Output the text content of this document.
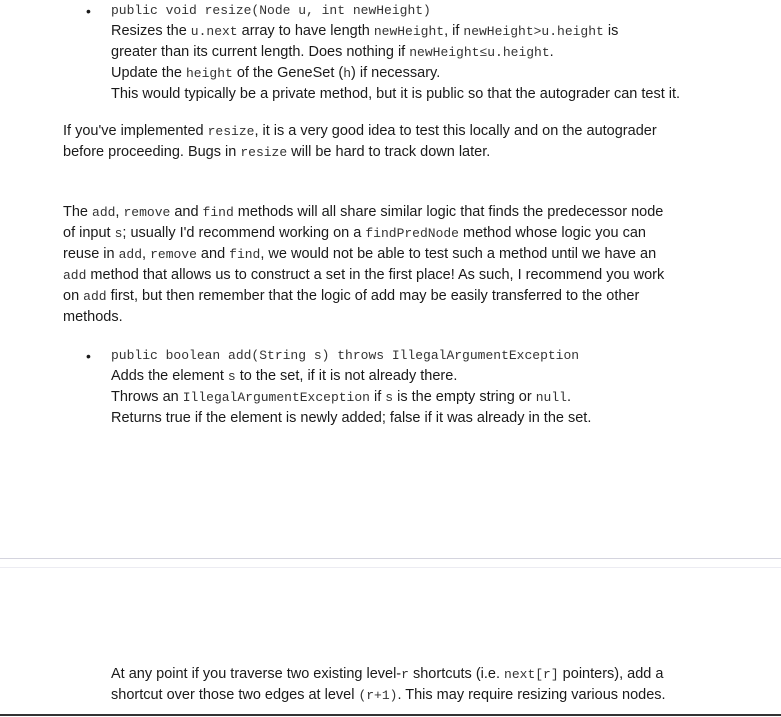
• public void resize(Node u, int newHeight)
Resizes the u.next array to have length newHeight, if newHeight>u.height is
greater than its current length. Does nothing if newHeight≤u.height.
Update the height of the GeneSet (h) if necessary.
This would typically be a private method, but it is public so that the autograder can test it.
If you've implemented resize, it is a very good idea to test this locally and on the autograder
before proceeding. Bugs in resize will be hard to track down later.
The add, remove and find methods will all share similar logic that finds the predecessor node
of input s; usually I'd recommend working on a findPredNode method whose logic you can
reuse in add, remove and find, we would not be able to test such a method until we have an
add method that allows us to construct a set in the first place! As such, I recommend you work
on add first, but then remember that the logic of add may be easily transferred to the other
methods.
• public boolean add(String s) throws IllegalArgumentException
Adds the element s to the set, if it is not already there.
Throws an IllegalArgumentException if s is the empty string or null.
Returns true if the element is newly added; false if it was already in the set.
At any point if you traverse two existing level-r shortcuts (i.e. next[r] pointers), add a
shortcut over those two edges at level (r+1). This may require resizing various nodes.
